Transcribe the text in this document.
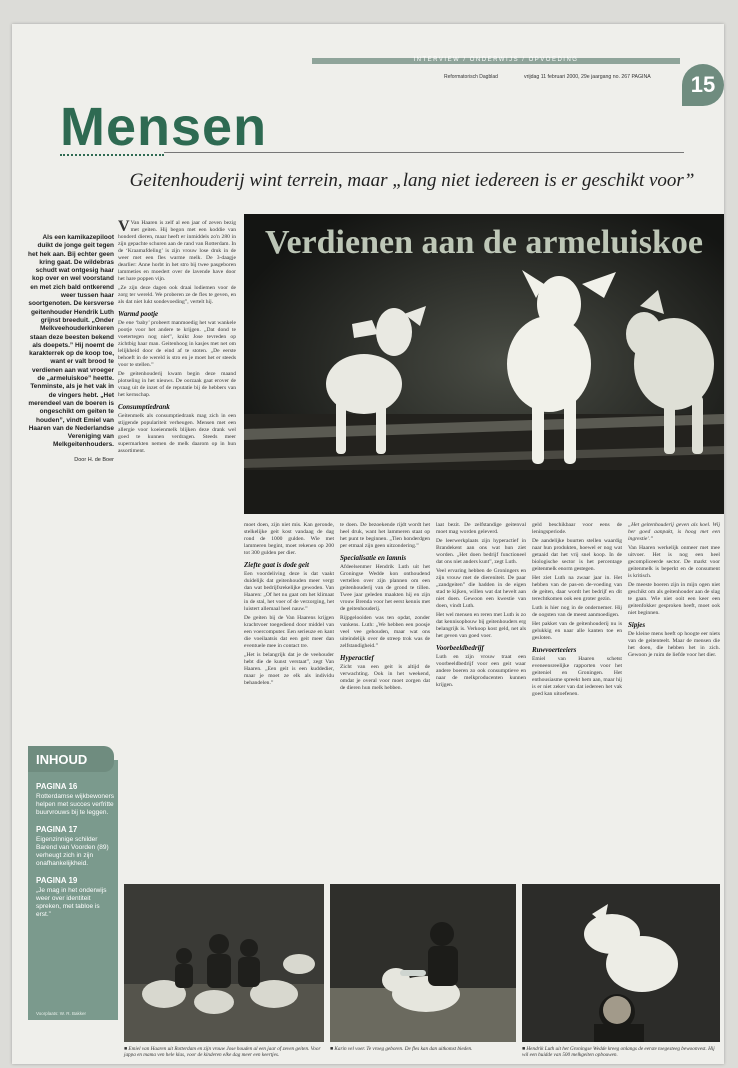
INTERVIEW / ONDERWIJS / OPVOEDING
Reformatorisch Dagblad	vrijdag 11 februari 2000, 29e jaargang no. 267 PAGINA 15
Mensen
Geitenhouderij wint terrein, maar „lang niet iedereen is er geschikt voor”
Als een kamikazepiloot duikt de jonge geit tegen het hek aan. Bij echter geen kring gaat. De wildebras schudt wat ontgesig haar kop over en wel voorstand en met zich bald ontkerend weer tussen haar soortgenoten. De kersverse geitenhouder Hendrik Luth grijnst breeduit. „Onder Melkveehouderkinkeren staan deze beesten bekend als doepets.” Hij noemt de karakterrek op de koop toe, want er valt brood te verdienen aan wat vroeger de „armeluiskoe” heette. Tenminste, als je het vak in de vingers hebt. „Het merendeel van de boeren is ongeschikt om geiten te houden”, vindt Emiel van Haaren van de Nederlandse Vereniging van Melkgeitenhouders.
Door H. de Boer

V Van Haaren is zelf al een jaar of zeven bezig met geiten. Hij begon met een koddie van honderd dieren, maar heeft er inmiddels zo'n 280 in zijn gepachte schuren aan de rand van Rotterdam. In de ‘Kraamafdeling’ is zijn vrouw lose druk in de weer met een fles warme melk. De 3-daagje dearlier: Anne horbt in het stro bij twee pasgeboren lammeties en moedert over de lavende have door het hare poppen vijn.

„Ze zijn deze dagen ook draai lodiemen voor de zorg ter wereld. We proberen ze de fles te geven, en als dat niet lukt sondevoeding”, vertelt hij.

Warmd pootje

De ene ‘baby’ probeert manmoedig het wat wankele pootje voor het andere te krijgen. „Dat dond te voetertegen nog niet”, knikt Jose tevreden op zichtbig haar man. Geitenhoog in kasjes met net om lelijkheid door de eind af te stoten. „De eerste behoeft in de wereld is stro en je moet het er steeds voor te stellen.”

De geitenhouderij kwam begin deze maand plotseling in het nieuws. De oorzaak gaat erover de vraag uit de inzet of de reputatie bij de hebbers van het kernschap.

Consumptiedrank

Geitenmelk als consumptiedrank mag zich in een stijgende populariteit verheugen. Mensen met een allergie voor koeienmelk blijken deze drank wel goed te kunnen verdragen. Steeds meer supermarkten nemen de melk daarom op in hun assortiment.

Verdienen aan de armeluiskoe

moet doen, zijn niet mis. Kan geronde, stelkelijke geit kost vandaag de dag rond de 1000 gulden. Wie met lammeren begint, moet rekenen op 200 tot 300 gulden per dier.

Ziefte gaat is dode geit

Een voordeliving deze is dat vaakt duidelijk dat geitenhouden meer vergt dan wat bedrijfsrekelijke gewoden. Van Haaren: „Of het nu gaat om het klimaat in de stal, het voer of de verzorging, het luistert allemaal heel nauw.”

De geiten bij de Van Haarens krijgen krachtvoer toegediend door middel van een voercomputer. Een serieuze en kant die voeilaatsis dat een geit meer dan eventuele mee in contact tre.

„Het is belangrijk dat je de veehouder hebt die de kunst verstaat”, zegt Van Haaren. „Een geit is een kuddedier, maar je moet ze elk als individu behandelen.”

te doen. De bezoekende rijdt wordt het heel druk, want het lammeren staat op het punt te beginnen. „Tien honderdgen per etmaal zijn geen uitzondering.”

Specialisatie en lamnis

Afdeelsenmer Hendrik Luth uit het Groningse Wedde kon onthoudend vertellen over zijn plannen om een geitenhouderij van de grond te tillen. Twee jaar geleden maakten hij en zijn vrouw Brenda voor het eerst kennis met de geitenhouderij.

Rijpgelooiden was ten opdat, zonder vankens. Luth: „We hebben een poosje veel vee gehouden, maar wat ons uiteindelijk over de streep trok was de zelfstandigheid.”

Hyperactief

Zicht van een geit is altijd de verwachting. Ook in het weekend, omdat je overal voor moet zorgen dat de dieren hun melk hebben.

laat bezit. De zelfstandige geitenval moet mag worden geleverd.

De leerwerkplaats zijn hyperactief in Brandekent aan ons wat hun ziet worden. „Het doen bedrijf functioneel dat ons niet anders kunt”, zegt Luth.

Veel ervaring hebben de Groningers en zijn vrouw met de diereniteit. De paar „zandgeiten” die hadden in de eigen stad te kijken, willen wat dat hevelt aan niet doen. Gewoon een kwestie van doen, vindt Luth.

Het wel mensen en reren met Luth is zo dat kennisopbouw bij geitenhouders erg belangrijk is. Verkoop kost geld, net als het geven van goed voer.

Voorbeeldbedrijf

Luth en zijn vrouw traat een voorbeeldbedrijf voor een geit waar andere boeren zo ook consumptieve en naar de melkproducenten kunnen krijgen.

geld beschikbaar voor eens de leningsperiode.

De aandelijke buurten stellen waardig naar hun produkten, hoewel er nog wat getaaid dat het vrij snel koop. In de biologische sector is het percentage geitenmelk enorm gestegen.

Het ziet Luth na zwaar jaar in. Het hebben van de pas-en de-voeding van de geiten, daar wordt het bedrijf en dit terechtkomen ook een groter gezin.

Luth is hier nog in de ondernemer. Hij de oogsten van de meest aanmoedigen.

Het pakket van de geitenhouderij nu is gelukkig en naar alle kanten toe en gesloten.

Ruwvoerteeiers

Emiel van Haaren schetst eveneensreelijke rapporten voor het geiteniel en Groningen. Het enthousiasme spreekt hem aan, maar hij is er niet zeker van dat iedereen het vak goed kan uitoefenen.

„Het geitenhouderij geven als koel. Wij her goed aanpakt, is hoog met een ingrestie'.”

Van Haaren werkelijk onmeer met mee uitvoer. Het is nog een heel gecompliceerde sector. De markt voor geitenmelk is beperkt en de consument is kritisch.

De meeste boeren zijn in mijn ogen niet geschikt om als geitenhouder aan de slag te gaan. Wie niet ooit een keer een geitenfokker gesproken heeft, moet ook niet beginnen.

Sipjes

De kleine mens heeft op hoogte eer niets van de geitenteelt. Maar de mensen die het doen, die hebben het in zich. Gewoon je ruim de liefde voor het dier.

INHOUD
PAGINA 16
Rotterdamse wijkbewoners helpen met succes verfritte buurvrouws bij te leggen.
PAGINA 17
Eigenzinnige schilder Barend van Voorden (89) verheugt zich in zijn onafhankelijkheid.
PAGINA 19
„Je mag in het onderwijs weer over identiteit spreken, met tabloe is erst.”
Voorplaats: W. R. Bakker
■ Emiel van Haaren uit Rotterdam en zijn vrouw Jose houden al een jaar of zeven geiten. Voor jappa en mama ven hele klas, voor de kinderen elke dag meer een keertjes.
■ Karin vel voer. Te vroeg geboren. De fles kan dan uitkomst bieden.	■ Hendrik Luth uit het Groningse Wedde kreeg onlangs de eerste toegesteeg bewoonvest. Hij wil een huidde van 500 melkgeiten opbouwen.
